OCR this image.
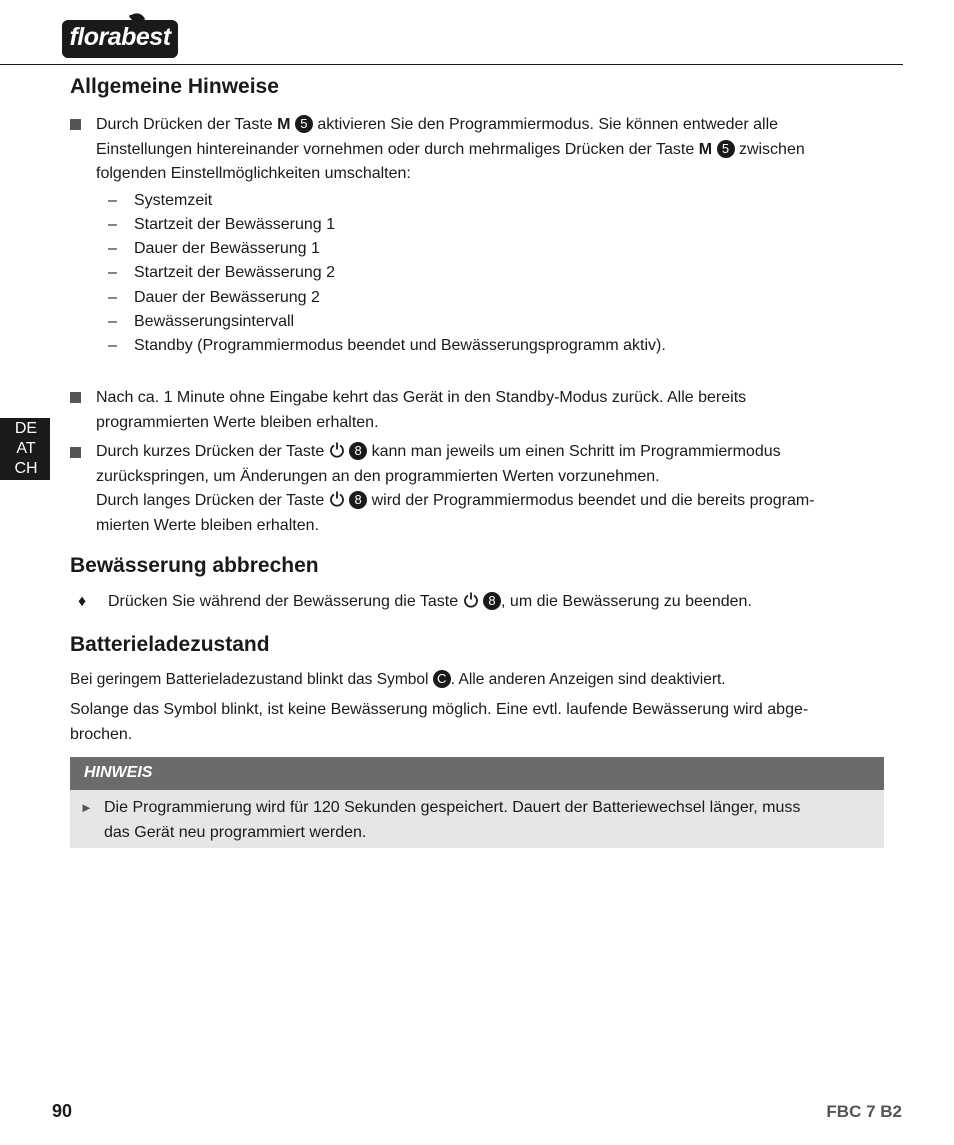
florabest
DE
AT
CH
Allgemeine Hinweise
Durch Drücken der Taste M 5 aktivieren Sie den Programmiermodus. Sie können entweder alle
Einstellungen hintereinander vornehmen oder durch mehrmaliges Drücken der Taste M 5 zwischen
folgenden Einstellmöglichkeiten umschalten:
– Systemzeit
– Startzeit der Bewässerung 1
– Dauer der Bewässerung 1
– Startzeit der Bewässerung 2
– Dauer der Bewässerung 2
– Bewässerungsintervall
– Standby (Programmiermodus beendet und Bewässerungsprogramm aktiv).
Nach ca. 1 Minute ohne Eingabe kehrt das Gerät in den Standby-Modus zurück. Alle bereits
programmierten Werte bleiben erhalten.
Durch kurzes Drücken der Taste  8 kann man jeweils um einen Schritt im Programmiermodus
zurückspringen, um Änderungen an den programmierten Werten vorzunehmen.
Durch langes Drücken der Taste  8 wird der Programmiermodus beendet und die bereits program-
mierten Werte bleiben erhalten.
Bewässerung abbrechen
♦ Drücken Sie während der Bewässerung die Taste  8 , um die Bewässerung zu beenden.
Batterieladezustand
Bei geringem Batterieladezustand blinkt das Symbol C . Alle anderen Anzeigen sind deaktiviert.
Solange das Symbol blinkt, ist keine Bewässerung möglich. Eine evtl. laufende Bewässerung wird abge-
brochen.
HINWEIS
► Die Programmierung wird für 120 Sekunden gespeichert. Dauert der Batteriewechsel länger, muss
das Gerät neu programmiert werden.
90	FBC 7 B2
